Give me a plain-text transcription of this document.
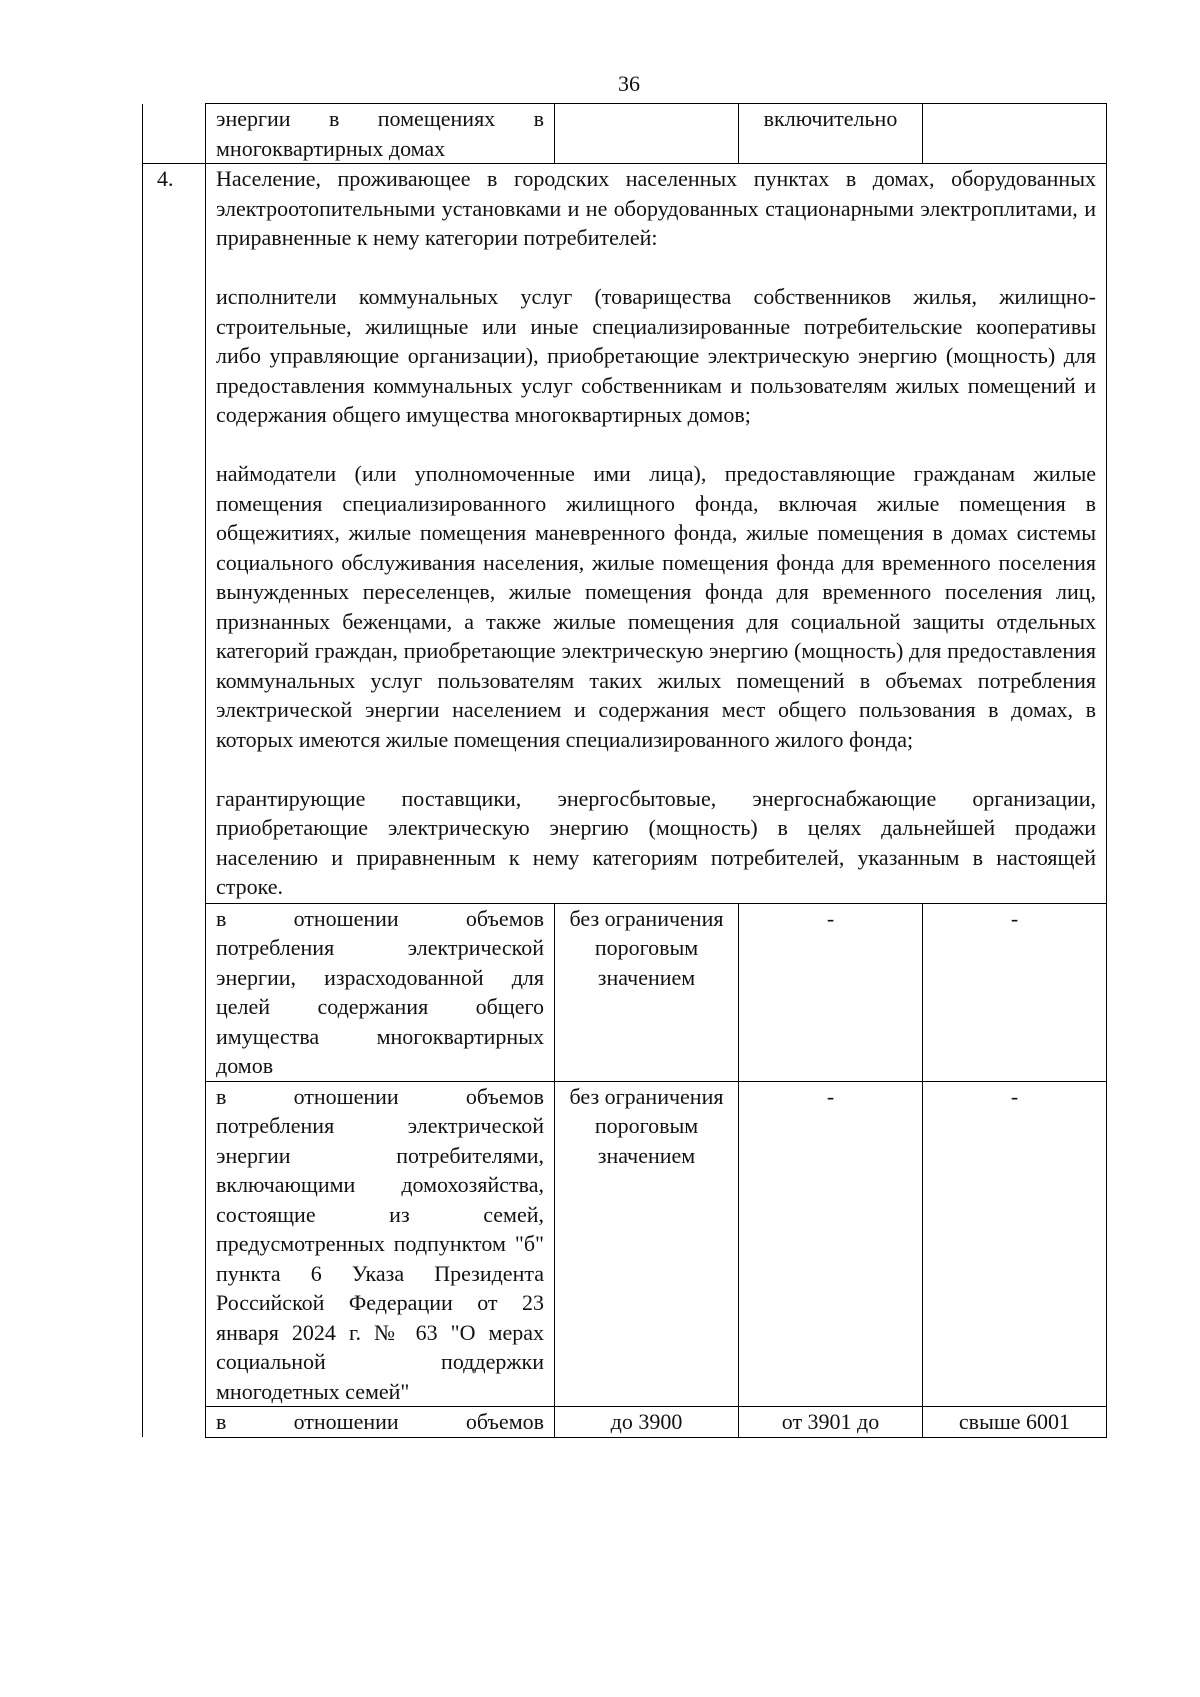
36

	энергии в помещениях в многоквартирных домах		включительно	
4.	Население, проживающее в городских населенных пунктах в домах, оборудованных электроотопительными установками и не оборудованных стационарными электроплитами, и приравненные к нему категории потребителей:

исполнители коммунальных услуг (товарищества собственников жилья, жилищно-строительные, жилищные или иные специализированные потребительские кооперативы либо управляющие организации), приобретающие электрическую энергию (мощность) для предоставления коммунальных услуг собственникам и пользователям жилых помещений и содержания общего имущества многоквартирных домов;

наймодатели (или уполномоченные ими лица), предоставляющие гражданам жилые помещения специализированного жилищного фонда, включая жилые помещения в общежитиях, жилые помещения маневренного фонда, жилые помещения в домах системы социального обслуживания населения, жилые помещения фонда для временного поселения вынужденных переселенцев, жилые помещения фонда для временного поселения лиц, признанных беженцами, а также жилые помещения для социальной защиты отдельных категорий граждан, приобретающие электрическую энергию (мощность) для предоставления коммунальных услуг пользователям таких жилых помещений в объемах потребления электрической энергии населением и содержания мест общего пользования в домах, в которых имеются жилые помещения специализированного жилого фонда;

гарантирующие поставщики, энергосбытовые, энергоснабжающие организации, приобретающие электрическую энергию (мощность) в целях дальнейшей продажи населению и приравненным к нему категориям потребителей, указанным в настоящей строке.			

	в отношении объемов потребления электрической энергии, израсходованной для целей содержания общего имущества многоквартирных домов	без ограничения пороговым значением	-	-
	в отношении объемов потребления электрической энергии потребителями, включающими домохозяйства, состоящие из семей, предусмотренных подпунктом "б" пункта 6 Указа Президента Российской Федерации от 23 января 2024 г. № 63 "О мерах социальной поддержки многодетных семей"	без ограничения пороговым значением	-	-
	в отношении объемов	до 3900	от 3901 до	свыше 6001
